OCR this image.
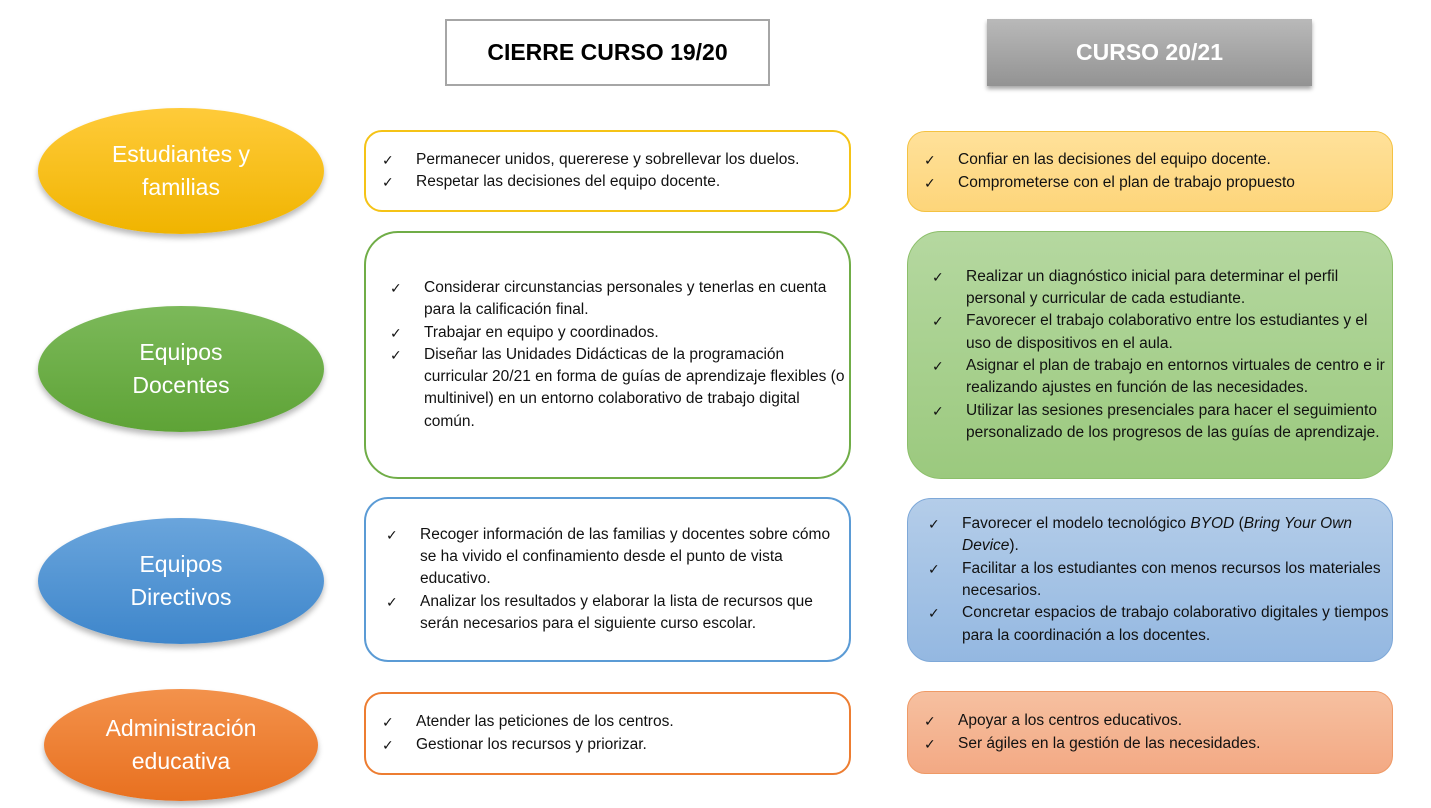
CIERRE CURSO 19/20	CURSO 20/21
Estudiantes y
familias
Equipos
Docentes
Equipos
Directivos
Administración
educativa
✓ Permanecer unidos, quererese y sobrellevar los duelos.
✓ Respetar las decisiones del equipo docente.
✓ Considerar circunstancias personales y tenerlas en cuenta para la calificación final.
✓ Trabajar en equipo y coordinados.
✓ Diseñar las Unidades Didácticas de la programación curricular 20/21 en forma de guías de aprendizaje flexibles (o multinivel) en un entorno colaborativo de trabajo digital común.
✓ Recoger información de las familias y docentes sobre cómo se ha vivido el confinamiento desde el punto de vista educativo.
✓ Analizar los resultados y elaborar la lista de recursos que serán necesarios para el siguiente curso escolar.
✓ Atender las peticiones de los centros.
✓ Gestionar los recursos y priorizar.
✓ Confiar en las decisiones del equipo docente.
✓ Comprometerse con el plan de trabajo propuesto
✓ Realizar un diagnóstico inicial para determinar el perfil personal y curricular de cada estudiante.
✓ Favorecer el trabajo colaborativo entre los estudiantes y el uso de dispositivos en el aula.
✓ Asignar el plan de trabajo en entornos virtuales de centro e ir realizando ajustes en función de las necesidades.
✓ Utilizar las sesiones presenciales para hacer el seguimiento personalizado de los progresos de las guías de aprendizaje.
✓ Favorecer el modelo tecnológico BYOD (Bring Your Own Device).
✓ Facilitar a los estudiantes con menos recursos los materiales necesarios.
✓ Concretar espacios de trabajo colaborativo digitales y tiempos para la coordinación a los docentes.
✓ Apoyar a los centros educativos.
✓ Ser ágiles en la gestión de las necesidades.
